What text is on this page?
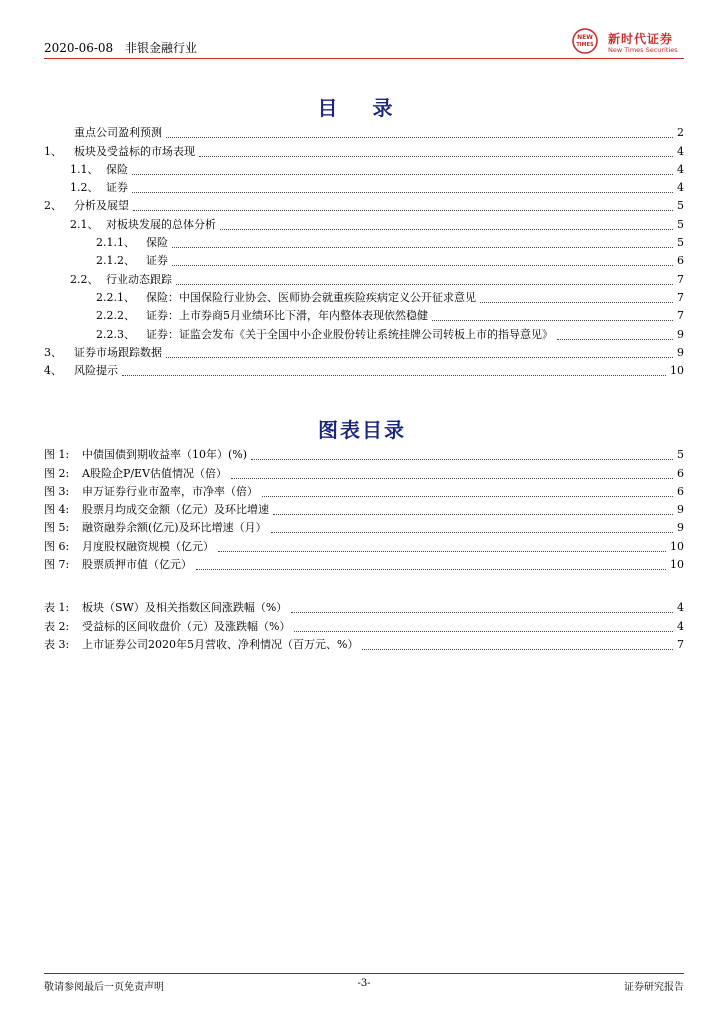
2020-06-08 非银金融行业
NEW
TIMES 新时代证券
New Times Securities
目 录
重点公司盈利预测	2
1、 板块及受益标的市场表现	4
1.1、 保险	4
1.2、 证券	4
2、 分析及展望	5
2.1、 对板块发展的总体分析	5
2.1.1、 保险	5
2.1.2、 证券	6
2.2、 行业动态跟踪	7
2.2.1、 保险：中国保险行业协会、医师协会就重疾险疾病定义公开征求意见	7
2.2.2、 证券：上市券商5月业绩环比下滑，年内整体表现依然稳健	7
2.2.3、 证券：证监会发布《关于全国中小企业股份转让系统挂牌公司转板上市的指导意见》	9
3、 证券市场跟踪数据	9
4、 风险提示	10
图表目录
图 1: 中债国债到期收益率（10年）(%)	5
图 2: A股险企P/EV估值情况（倍）	6
图 3: 申万证券行业市盈率，市净率（倍）	6
图 4: 股票月均成交金额（亿元）及环比增速	9
图 5: 融资融券余额(亿元)及环比增速（月）	9
图 6: 月度股权融资规模（亿元）	10
图 7: 股票质押市值（亿元）	10
表 1: 板块（SW）及相关指数区间涨跌幅（%）	4
表 2: 受益标的区间收盘价（元）及涨跌幅（%）	4
表 3: 上市证券公司2020年5月营收、净利情况（百万元、%）	7
敬请参阅最后一页免责声明	-3-	证券研究报告
